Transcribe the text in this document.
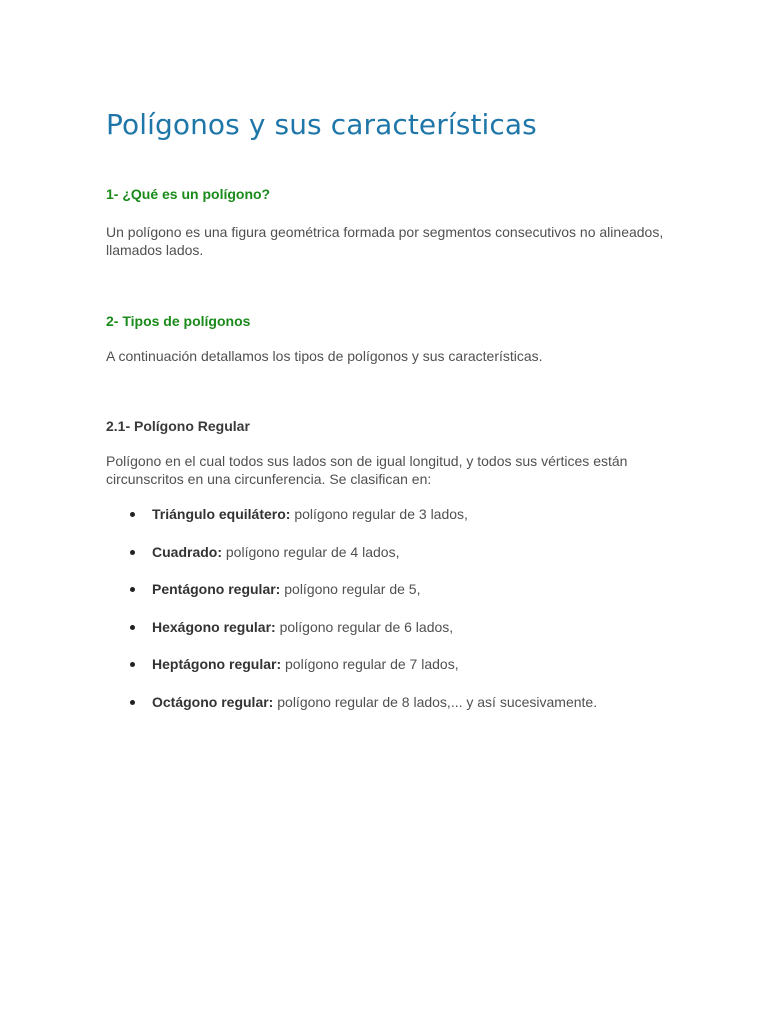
Polígonos y sus características
1- ¿Qué es un polígono?

Un polígono es una figura geométrica formada por segmentos consecutivos no alineados, llamados lados.

2- Tipos de polígonos

A continuación detallamos los tipos de polígonos y sus características.

2.1- Polígono Regular

Polígono en el cual todos sus lados son de igual longitud, y todos sus vértices están circunscritos en una circunferencia. Se clasifican en:

Triángulo equilátero: polígono regular de 3 lados,
Cuadrado: polígono regular de 4 lados,
Pentágono regular: polígono regular de 5,
Hexágono regular: polígono regular de 6 lados,
Heptágono regular: polígono regular de 7 lados,
Octágono regular: polígono regular de 8 lados,... y así sucesivamente.
